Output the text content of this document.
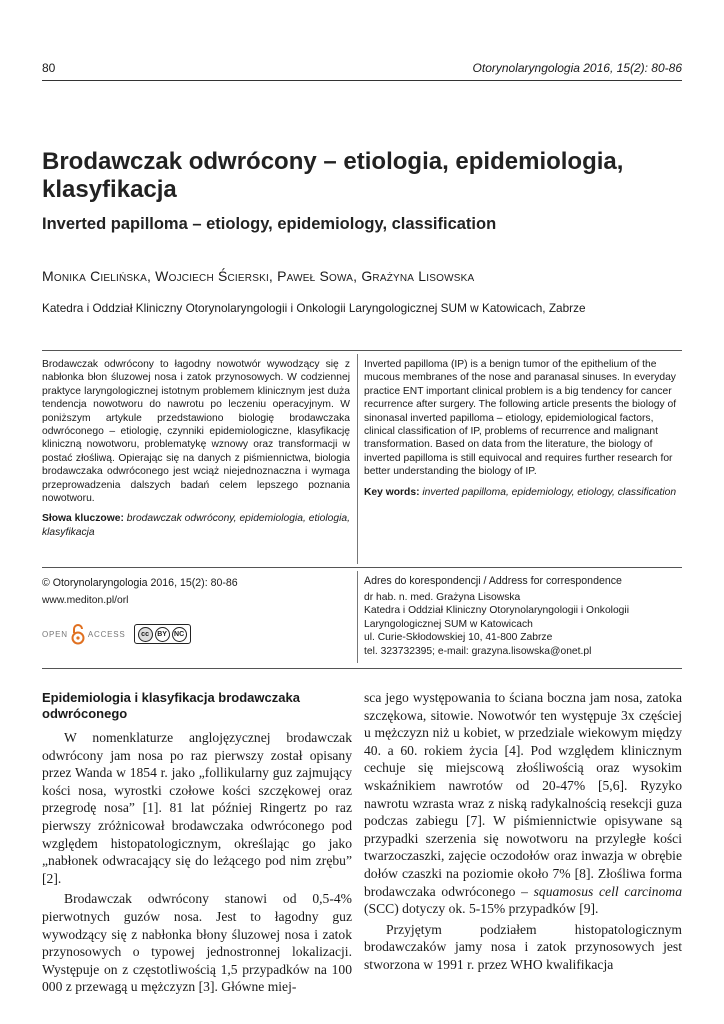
80	Otorynolaryngologia 2016, 15(2): 80-86
Brodawczak odwrócony – etiologia, epidemiologia, klasyfikacja
Inverted papilloma – etiology, epidemiology, classification
Monika Cielińska, Wojciech Ścierski, Paweł Sowa, Grażyna Lisowska
Katedra i Oddział Kliniczny Otorynolaryngologii i Onkologii Laryngologicznej SUM w Katowicach, Zabrze
Brodawczak odwrócony to łagodny nowotwór wywodzący się z nabłonka błon śluzowej nosa i zatok przynosowych. W codziennej praktyce laryngologicznej istotnym problemem klinicznym jest duża tendencja nowotworu do nawrotu po leczeniu operacyjnym. W poniższym artykule przedstawiono biologię brodawczaka odwróconego – etiologię, czynniki epidemiologiczne, klasyfikację kliniczną nowotworu, problematykę wznowy oraz transformacji w postać złośliwą. Opierając się na danych z piśmiennictwa, biologia brodawczaka odwróconego jest wciąż niejednoznaczna i wymaga przeprowadzenia dalszych badań celem lepszego poznania nowotworu.
Słowa kluczowe: brodawczak odwrócony, epidemiologia, etiologia, klasyfikacja
Inverted papilloma (IP) is a benign tumor of the epithelium of the mucous membranes of the nose and paranasal sinuses. In everyday practice ENT important clinical problem is a big tendency for cancer recurrence after surgery. The following article presents the biology of sinonasal inverted papilloma – etiology, epidemiological factors, clinical classification of IP, problems of recurrence and malignant transformation. Based on data from the literature, the biology of inverted papilloma is still equivocal and requires further research for better understanding the biology of IP.
Key words: inverted papilloma, epidemiology, etiology, classification
© Otorynolaryngologia 2016, 15(2): 80-86
www.mediton.pl/orl
OPEN	ACCESS	cc	BY	NC
Adres do korespondencji / Address for correspondence
dr hab. n. med. Grażyna Lisowska
Katedra i Oddział Kliniczny Otorynolaryngologii i Onkologii Laryngologicznej SUM w Katowicach
ul. Curie-Skłodowskiej 10, 41-800 Zabrze
tel. 323732395; e-mail: grazyna.lisowska@onet.pl
Epidemiologia i klasyfikacja brodawczaka odwróconego

W nomenklaturze anglojęzycznej brodawczak odwrócony jam nosa po raz pierwszy został opisany przez Wanda w 1854 r. jako „follikularny guz zajmujący kości nosa, wyrostki czołowe kości szczękowej oraz przegrodę nosa” [1]. 81 lat później Ringertz po raz pierwszy zróżnicował brodawczaka odwróconego pod względem histopatologicznym, określając go jako „nabłonek odwracający się do leżącego pod nim zrębu” [2].

Brodawczak odwrócony stanowi od 0,5-4% pierwotnych guzów nosa. Jest to łagodny guz wywodzący się z nabłonka błony śluzowej nosa i zatok przynosowych o typowej jednostronnej lokalizacji. Występuje on z częstotliwością 1,5 przypadków na 100 000 z przewagą u mężczyzn [3]. Główne miej-

sca jego występowania to ściana boczna jam nosa, zatoka szczękowa, sitowie. Nowotwór ten występuje 3x częściej u mężczyzn niż u kobiet, w przedziale wiekowym między 40. a 60. rokiem życia [4]. Pod względem klinicznym cechuje się miejscową złośliwością oraz wysokim wskaźnikiem nawrotów od 20-47% [5,6]. Ryzyko nawrotu wzrasta wraz z niską radykalnością resekcji guza podczas zabiegu [7]. W piśmiennictwie opisywane są przypadki szerzenia się nowotworu na przyległe kości twarzoczaszki, zajęcie oczodołów oraz inwazja w obrębie dołów czaszki na poziomie około 7% [8]. Złośliwa forma brodawczaka odwróconego – squamosus cell carcinoma (SCC) dotyczy ok. 5-15% przypadków [9].

Przyjętym podziałem histopatologicznym brodawczaków jamy nosa i zatok przynosowych jest stworzona w 1991 r. przez WHO kwalifikacja
